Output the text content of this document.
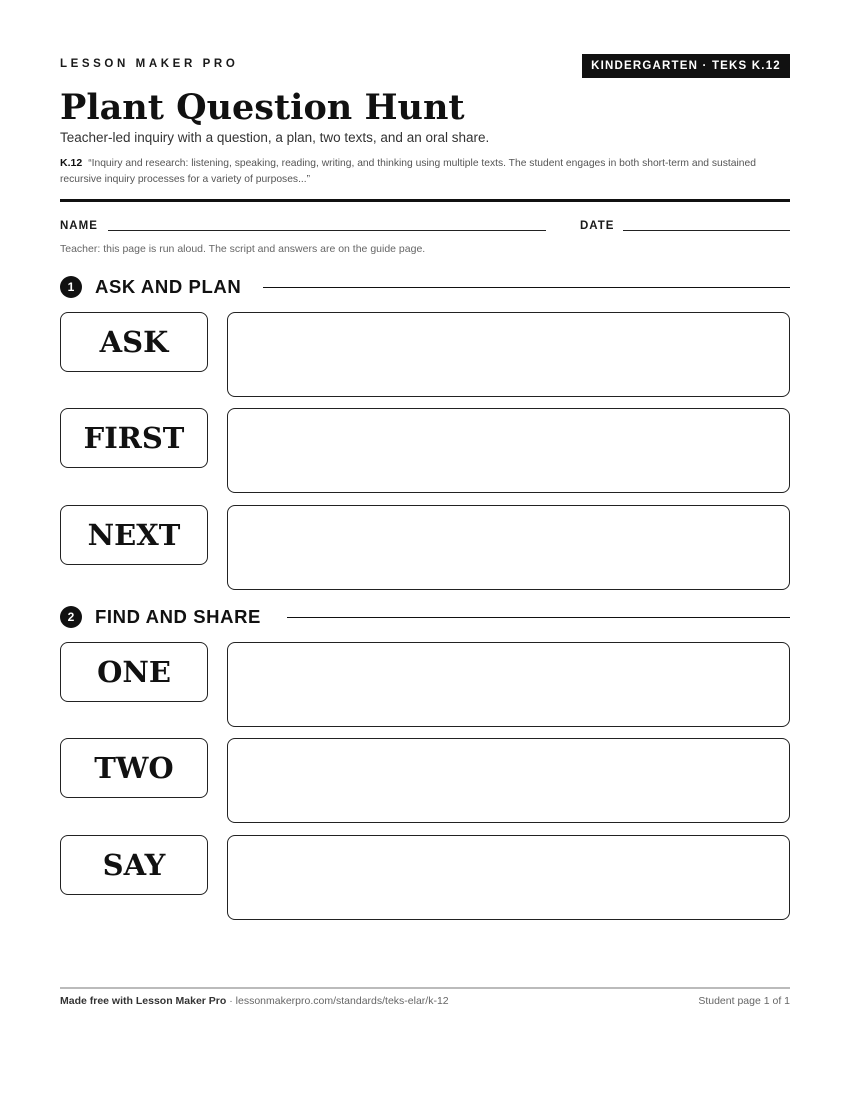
LESSON MAKER PRO	KINDERGARTEN · TEKS K.12
Plant Question Hunt
Teacher-led inquiry with a question, a plan, two texts, and an oral share.
K.12 “Inquiry and research: listening, speaking, reading, writing, and thinking using multiple texts. The student engages in both short-term and sustained recursive inquiry processes for a variety of purposes...”
NAME	DATE
Teacher: this page is run aloud. The script and answers are on the guide page.
1	ASK AND PLAN
ASK
FIRST
NEXT
2	FIND AND SHARE
ONE
TWO
SAY
Made free with Lesson Maker Pro · lessonmakerpro.com/standards/teks-elar/k-12	Student page 1 of 1
